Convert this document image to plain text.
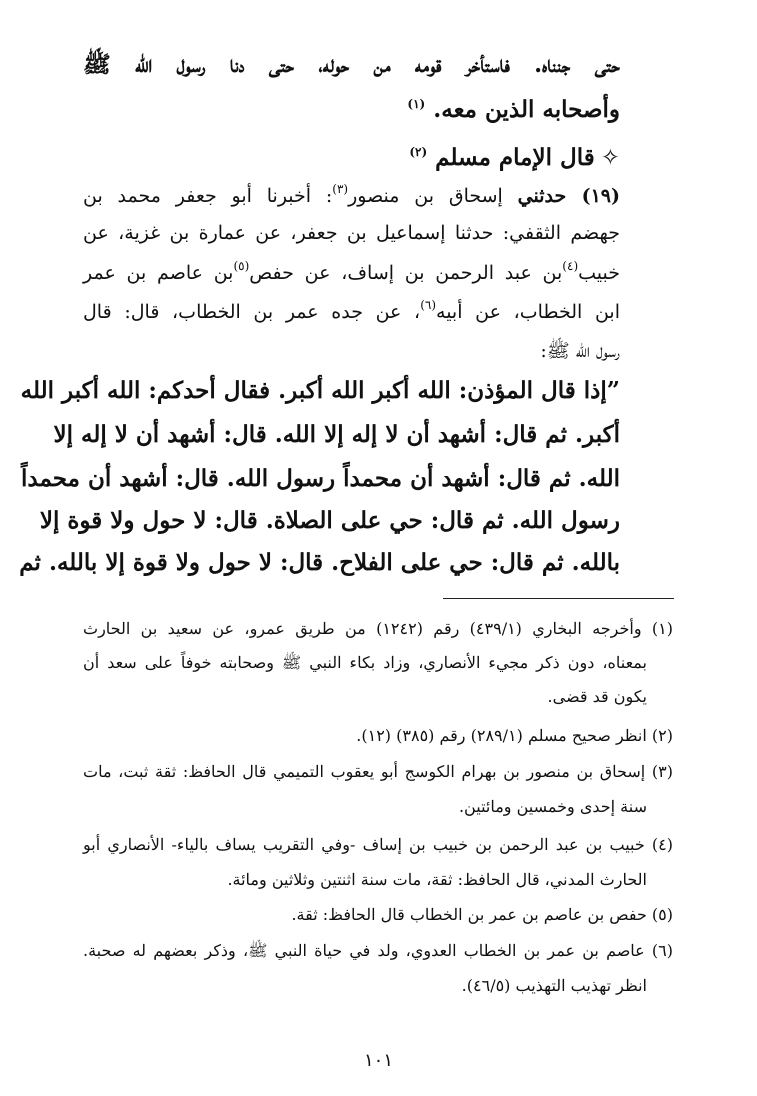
حتى جنناه. فاستأخر قومه من حوله، حتى دنا رسول الله ﷺ
وأصحابه الذين معه. $^{(١)}$
✧قال الإمام مسلم $^{(٢)}$
(١٩) حدثني إسحاق بن منصور$^{(٣)}$: أخبرنا أبو جعفر محمد بن
جهضم الثقفي: حدثنا إسماعيل بن جعفر، عن عمارة بن غزية، عن
خبيب$^{(٤)}$بن عبد الرحمن بن إساف، عن حفص$^{(٥)}$بن عاصم بن عمر
ابن الخطاب، عن أبيه$^{(٦)}$، عن جده عمر بن الخطاب، قال: قال
رسول الله ﷺ:
”إذا قال المؤذن: الله أكبر الله أكبر. فقال أحدكم: الله أكبر الله
أكبر. ثم قال: أشهد أن لا إله إلا الله. قال: أشهد أن لا إله إلا
الله. ثم قال: أشهد أن محمداً رسول الله. قال: أشهد أن محمداً
رسول الله. ثم قال: حي على الصلاة. قال: لا حول ولا قوة إلا
بالله. ثم قال: حي على الفلاح. قال: لا حول ولا قوة إلا بالله. ثم
(١) وأخرجه البخاري (٤٣٩/١) رقم (١٢٤٢) من طريق عمرو، عن سعيد بن الحارث
بمعناه، دون ذكر مجيء الأنصاري، وزاد بكاء النبي ﷺ وصحابته خوفاً على سعد أن
يكون قد قضى.
(٢) انظر صحيح مسلم (٢٨٩/١) رقم (٣٨٥) (١٢).
(٣) إسحاق بن منصور بن بهرام الكوسج أبو يعقوب التميمي قال الحافظ: ثقة ثبت، مات
سنة إحدى وخمسين ومائتين.
(٤) خبيب بن عبد الرحمن بن خبيب بن إساف -وفي التقريب يساف بالياء- الأنصاري أبو
الحارث المدني، قال الحافظ: ثقة، مات سنة اثنتين وثلاثين ومائة.
(٥) حفص بن عاصم بن عمر بن الخطاب قال الحافظ: ثقة.
(٦) عاصم بن عمر بن الخطاب العدوي، ولد في حياة النبي ﷺ، وذكر بعضهم له صحبة.
انظر تهذيب التهذيب (٤٦/٥).
١٠١
